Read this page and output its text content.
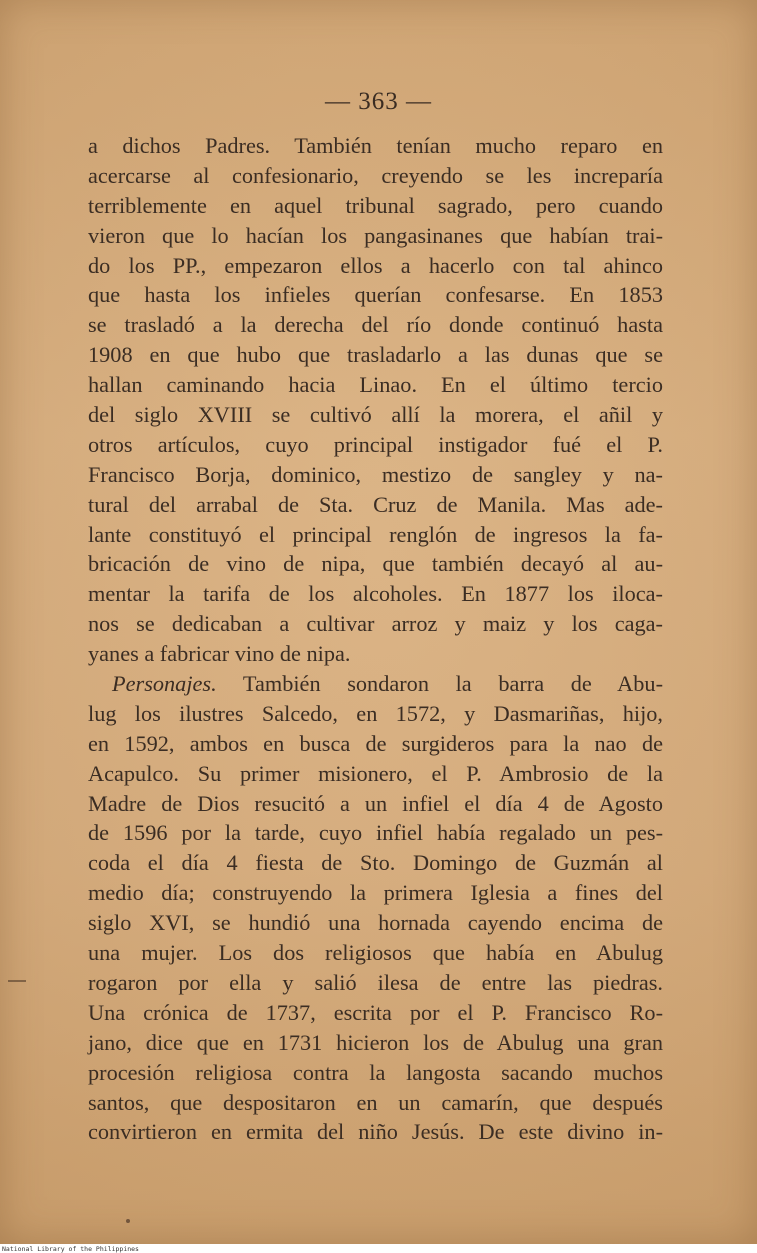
— 363 —
a dichos Padres. También tenían mucho reparo en
acercarse al confesionario, creyendo se les increparía
terriblemente en aquel tribunal sagrado, pero cuando
vieron que lo hacían los pangasinanes que habían trai-
do los PP., empezaron ellos a hacerlo con tal ahinco
que hasta los infieles querían confesarse. En 1853
se trasladó a la derecha del río donde continuó hasta
1908 en que hubo que trasladarlo a las dunas que se
hallan caminando hacia Linao. En el último tercio
del siglo XVIII se cultivó allí la morera, el añil y
otros artículos, cuyo principal instigador fué el P.
Francisco Borja, dominico, mestizo de sangley y na-
tural del arrabal de Sta. Cruz de Manila. Mas ade-
lante constituyó el principal renglón de ingresos la fa-
bricación de vino de nipa, que también decayó al au-
mentar la tarifa de los alcoholes. En 1877 los iloca-
nos se dedicaban a cultivar arroz y maiz y los caga-
yanes a fabricar vino de nipa.
Personajes. También sondaron la barra de Abu-
lug los ilustres Salcedo, en 1572, y Dasmariñas, hijo,
en 1592, ambos en busca de surgideros para la nao de
Acapulco. Su primer misionero, el P. Ambrosio de la
Madre de Dios resucitó a un infiel el día 4 de Agosto
de 1596 por la tarde, cuyo infiel había regalado un pes-
coda el día 4 fiesta de Sto. Domingo de Guzmán al
medio día; construyendo la primera Iglesia a fines del
siglo XVI, se hundió una hornada cayendo encima de
una mujer. Los dos religiosos que había en Abulug
rogaron por ella y salió ilesa de entre las piedras.
Una crónica de 1737, escrita por el P. Francisco Ro-
jano, dice que en 1731 hicieron los de Abulug una gran
procesión religiosa contra la langosta sacando muchos
santos, que despositaron en un camarín, que después
convirtieron en ermita del niño Jesús. De este divino in-
National Library of the Philippines
